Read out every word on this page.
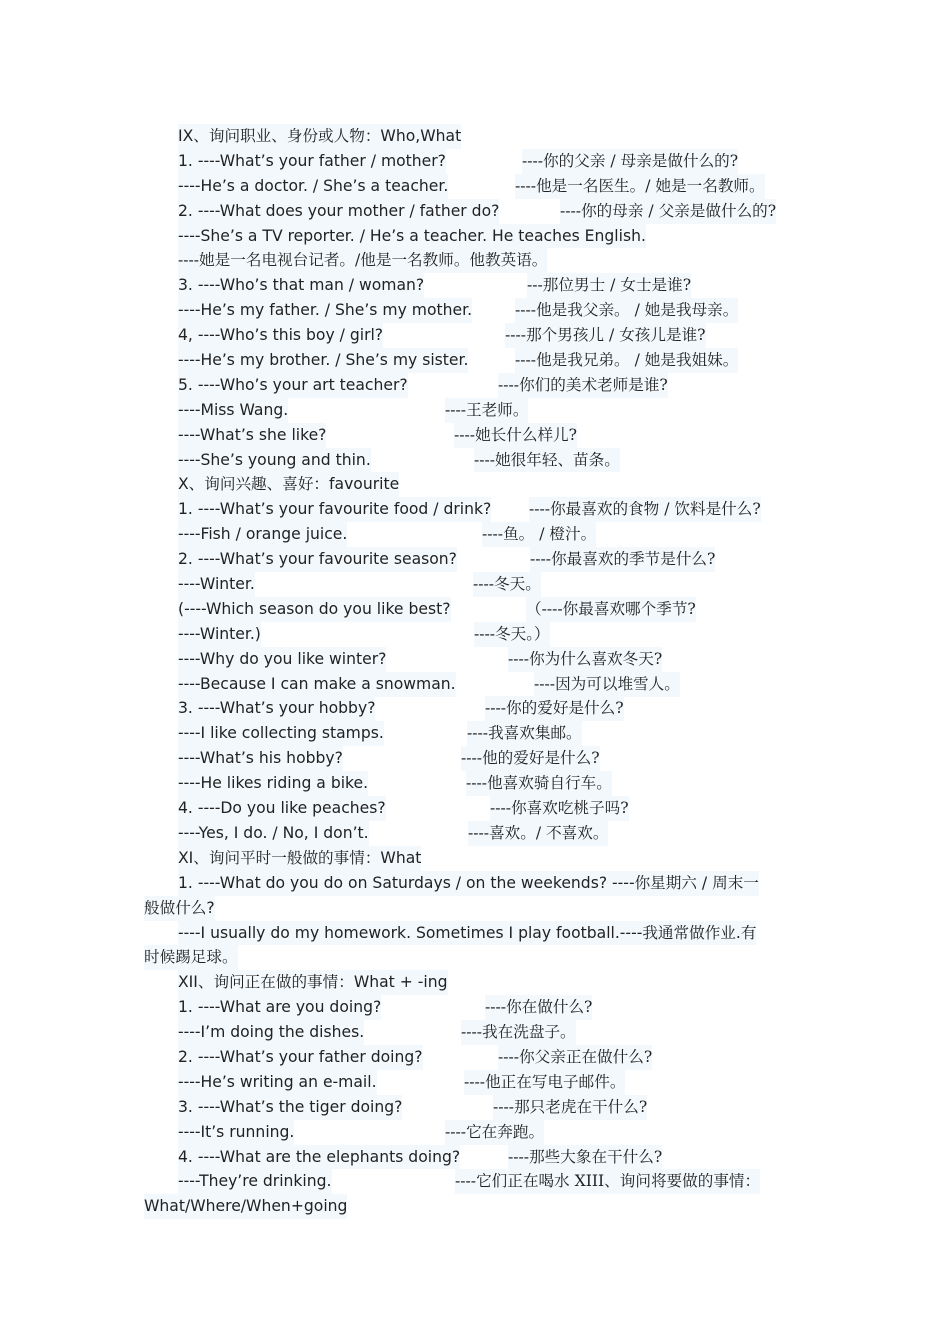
IX、询问职业、身份或人物：Who,What
1. ----What’s your father / mother?	----你的父亲 / 母亲是做什么的?
----He’s a doctor. / She’s a teacher.	----他是一名医生。/ 她是一名教师。
2. ----What does your mother / father do?	----你的母亲 / 父亲是做什么的?
----She’s a TV reporter. / He’s a teacher. He teaches English.
----她是一名电视台记者。/他是一名教师。他教英语。
3. ----Who’s that man / woman?	---那位男士 / 女士是谁?
----He’s my father. / She’s my mother.	----他是我父亲。 / 她是我母亲。
4, ----Who’s this boy / girl?	----那个男孩儿 / 女孩儿是谁?
----He’s my brother. / She’s my sister.	----他是我兄弟。 / 她是我姐妹。
5. ----Who’s your art teacher?	----你们的美术老师是谁?
----Miss Wang.	----王老师。
----What’s she like?	----她长什么样儿?
----She’s young and thin.	----她很年轻、苗条。
X、询问兴趣、喜好：favourite
1. ----What’s your favourite food / drink? ----你最喜欢的食物 / 饮料是什么?
----Fish / orange juice.	----鱼。 / 橙汁。
2. ----What’s your favourite season?	----你最喜欢的季节是什么?
----Winter.	----冬天。
(----Which season do you like best?	（----你最喜欢哪个季节?
----Winter.)	----冬天。）
----Why do you like winter?	----你为什么喜欢冬天?
----Because I can make a snowman.	----因为可以堆雪人。
3. ----What’s your hobby?	----你的爱好是什么?
----I like collecting stamps.	----我喜欢集邮。
----What’s his hobby?	----他的爱好是什么?
----He likes riding a bike.	----他喜欢骑自行车。
4. ----Do you like peaches?	----你喜欢吃桃子吗?
----Yes, I do. / No, I don’t.	----喜欢。/ 不喜欢。
XI、询问平时一般做的事情：What
1. ----What do you do on Saturdays / on the weekends? ----你星期六 / 周末一
般做什么?
----I usually do my homework. Sometimes I play football.----我通常做作业.有
时候踢足球。
XII、询问正在做的事情：What + -ing
1. ----What are you doing?	----你在做什么?
----I’m doing the dishes.	----我在洗盘子。
2. ----What’s your father doing?	----你父亲正在做什么?
----He’s writing an e-mail.	----他正在写电子邮件。
3. ----What’s the tiger doing?	----那只老虎在干什么?
----It’s running.	----它在奔跑。
4. ----What are the elephants doing?	----那些大象在干什么?
----They’re drinking.	----它们正在喝水 XIII、询问将要做的事情：
What/Where/When+going
